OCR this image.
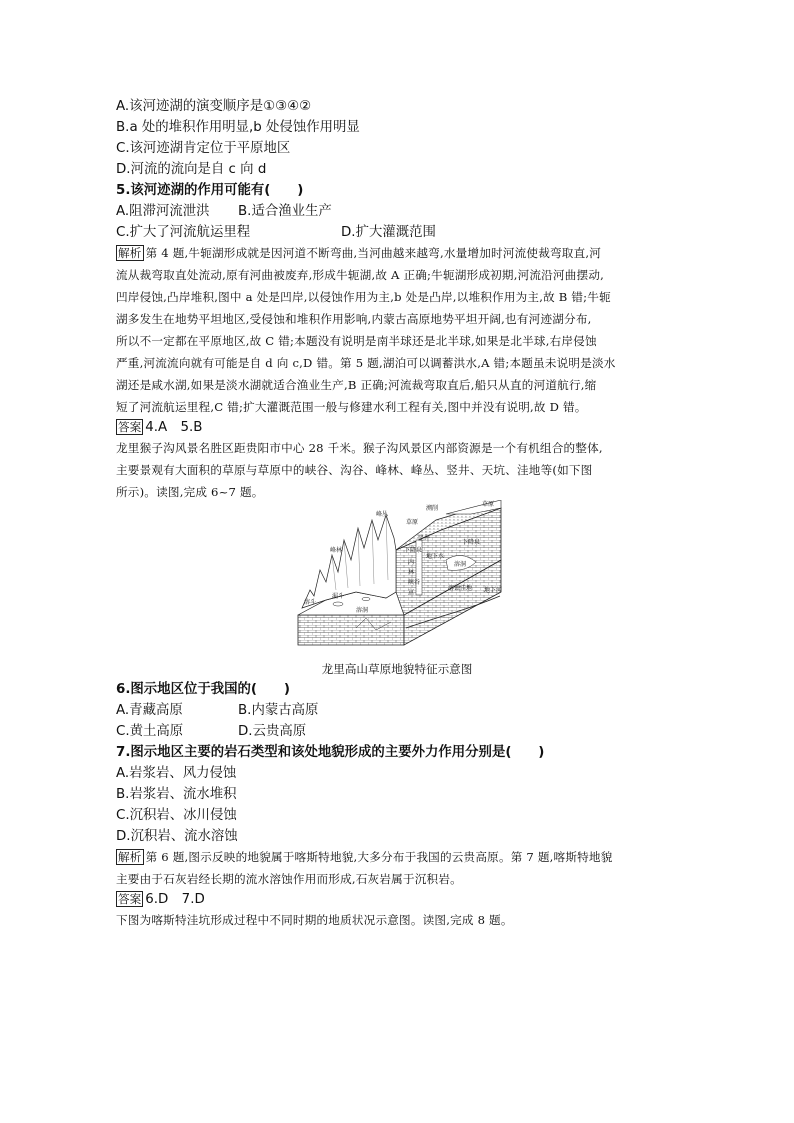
A.该河迹湖的演变顺序是①③④②
B.a 处的堆积作用明显,b 处侵蚀作用明显
C.该河迹湖肯定位于平原地区
D.河流的流向是自 c 向 d
5.该河迹湖的作用可能有(　　)
A.阻滞河流泄洪 B.适合渔业生产
C.扩大了河流航运里程	D.扩大灌溉范围
解析 第 4 题,牛轭湖形成就是因河道不断弯曲,当河曲越来越弯,水量增加时河流使裁弯取直,河
流从裁弯取直处流动,原有河曲被废弃,形成牛轭湖,故 A 正确;牛轭湖形成初期,河流沿河曲摆动,
凹岸侵蚀,凸岸堆积,图中 a 处是凹岸,以侵蚀作用为主,b 处是凸岸,以堆积作用为主,故 B 错;牛轭
湖多发生在地势平坦地区,受侵蚀和堆积作用影响,内蒙古高原地势平坦开阔,也有河迹湖分布,
所以不一定都在平原地区,故 C 错;本题没有说明是南半球还是北半球,如果是北半球,右岸侵蚀
严重,河流流向就有可能是自 d 向 c,D 错。第 5 题,湖泊可以调蓄洪水,A 错;本题虽未说明是淡水
湖还是咸水湖,如果是淡水湖就适合渔业生产,B 正确;河流裁弯取直后,船只从直的河道航行,缩
短了河流航运里程,C 错;扩大灌溉范围一般与修建水利工程有关,图中并没有说明,故 D 错。
答案 4.A　5.B
龙里猴子沟风景名胜区距贵阳市中心 28 千米。猴子沟风景区内部资源是一个有机组合的整体,
主要景观有大面积的草原与草原中的峡谷、沟谷、峰林、峰丛、竖井、天坑、洼地等(如下图
所示)。读图,完成 6~7 题。
溯削
草原
峰丛
草原
峰林	下降泉
竖井
地下水
下降泉
溶洞
内
林
峡谷
宣	地下河
漏斗
溶洞
溶蚀洼地
溶斗
龙里高山草原地貌特征示意图
6.图示地区位于我国的(　　)
A.青藏高原	B.内蒙古高原
C.黄土高原	D.云贵高原
7.图示地区主要的岩石类型和该处地貌形成的主要外力作用分别是(　　)
A.岩浆岩、风力侵蚀
B.岩浆岩、流水堆积
C.沉积岩、冰川侵蚀
D.沉积岩、流水溶蚀
解析 第 6 题,图示反映的地貌属于喀斯特地貌,大多分布于我国的云贵高原。第 7 题,喀斯特地貌
主要由于石灰岩经长期的流水溶蚀作用而形成,石灰岩属于沉积岩。
答案 6.D　7.D
下图为喀斯特洼坑形成过程中不同时期的地质状况示意图。读图,完成 8 题。
